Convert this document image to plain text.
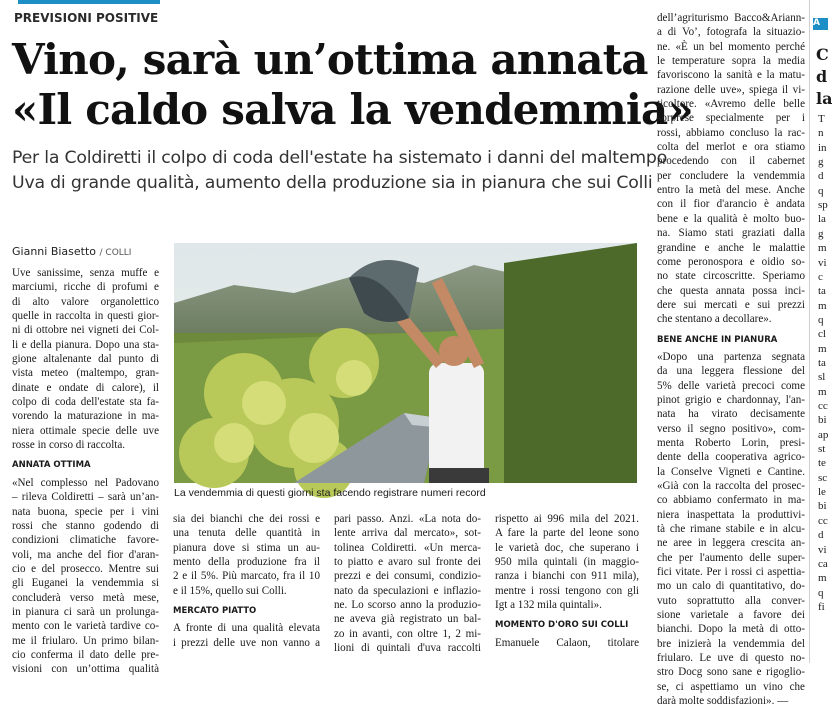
PREVISIONI POSITIVE
Vino, sarà un’ottima annata
«Il caldo salva la vendemmia»
Per la Coldiretti il colpo di coda dell'estate ha sistemato i danni del maltempo
Uva di grande qualità, aumento della produzione sia in pianura che sui Colli
Gianni Biasetto / COLLI
Uve sanissime, senza muffe e
marciumi, ricche di profumi e
di alto valore organolettico
quelle in raccolta in questi gior-
ni di ottobre nei vigneti dei Col-
li e della pianura. Dopo una sta-
gione altalenante dal punto di
vista meteo (maltempo, gran-
dinate e ondate di calore), il
colpo di coda dell'estate sta fa-
vorendo la maturazione in ma-
niera ottimale specie delle uve
rosse in corso di raccolta.
ANNATA OTTIMA
«Nel complesso nel Padovano
– rileva Coldiretti – sarà un’an-
nata buona, specie per i vini
rossi che stanno godendo di
condizioni climatiche favore-
voli, ma anche del fior d'aran-
cio e del prosecco. Mentre sui
gli Euganei la vendemmia si
concluderà verso metà mese,
in pianura ci sarà un prolunga-
mento con le varietà tardive co-
me il friularo. Un primo bilan-
cio conferma il dato delle pre-
visioni con un’ottima qualità
La vendemmia di questi giorni sta facendo registrare numeri record
sia dei bianchi che dei rossi e
una tenuta delle quantità in
pianura dove si stima un au-
mento della produzione fra il
2 e il 5%. Più marcato, fra il 10
e il 15%, quello sui Colli.
MERCATO PIATTO
A fronte di una qualità elevata
i prezzi delle uve non vanno a
pari passo. Anzi. «La nota do-
lente arriva dal mercato», sot-
tolinea Coldiretti. «Un merca-
to piatto e avaro sul fronte dei
prezzi e dei consumi, condizio-
nato da speculazioni e inflazio-
ne. Lo scorso anno la produzio-
ne aveva già registrato un bal-
zo in avanti, con oltre 1, 2 mi-
lioni di quintali d'uva raccolti
rispetto ai 996 mila del 2021.
A fare la parte del leone sono
le varietà doc, che superano i
950 mila quintali (in maggio-
ranza i bianchi con 911 mila),
mentre i rossi tengono con gli
Igt a 132 mila quintali».
MOMENTO D'ORO SUI COLLI
Emanuele Calaon, titolare
dell’agriturismo Bacco&Ariann-
a di Vo’, fotografa la situazio-
ne. «È un bel momento perché
le temperature sopra la media
favoriscono la sanità e la matu-
razione delle uve», spiega il vi-
ticoltore. «Avremo delle belle
sorprese specialmente per i
rossi, abbiamo concluso la rac-
colta del merlot e ora stiamo
procedendo con il cabernet
per concludere la vendemmia
entro la metà del mese. Anche
con il fior d'arancio è andata
bene e la qualità è molto buo-
na. Siamo stati graziati dalla
grandine e anche le malattie
come peronospora e oidio so-
no state circoscritte. Speriamo
che questa annata possa inci-
dere sui mercati e sui prezzi
che stentano a decollare».
BENE ANCHE IN PIANURA
«Dopo una partenza segnata
da una leggera flessione del
5% delle varietà precoci come
pinot grigio e chardonnay, l'an-
nata ha virato decisamente
verso il segno positivo», com-
menta Roberto Lorin, presi-
dente della cooperativa agrico-
la Conselve Vigneti e Cantine.
«Già con la raccolta del prosec-
co abbiamo confermato in ma-
niera inaspettata la produttivi-
tà che rimane stabile e in alcu-
ne aree in leggera crescita an-
che per l'aumento delle super-
fici vitate. Per i rossi ci aspettia-
mo un calo di quantitativo, do-
vuto soprattutto alla conver-
sione varietale a favore dei
bianchi. Dopo la metà di otto-
bre inizierà la vendemmia del
friularo. Le uve di questo no-
stro Docg sono sane e rigoglio-
se, ci aspettiamo un vino che
darà molte soddisfazioni». —
A
C
d
la
T
n
in
g
d
q
sp
la
g
m
vi
c
ta
m
q
cl
m
ta
sl
m
cc
bi
ap
st
te
sc
le
bi
cc
d
vi
ca
m
q
fi
